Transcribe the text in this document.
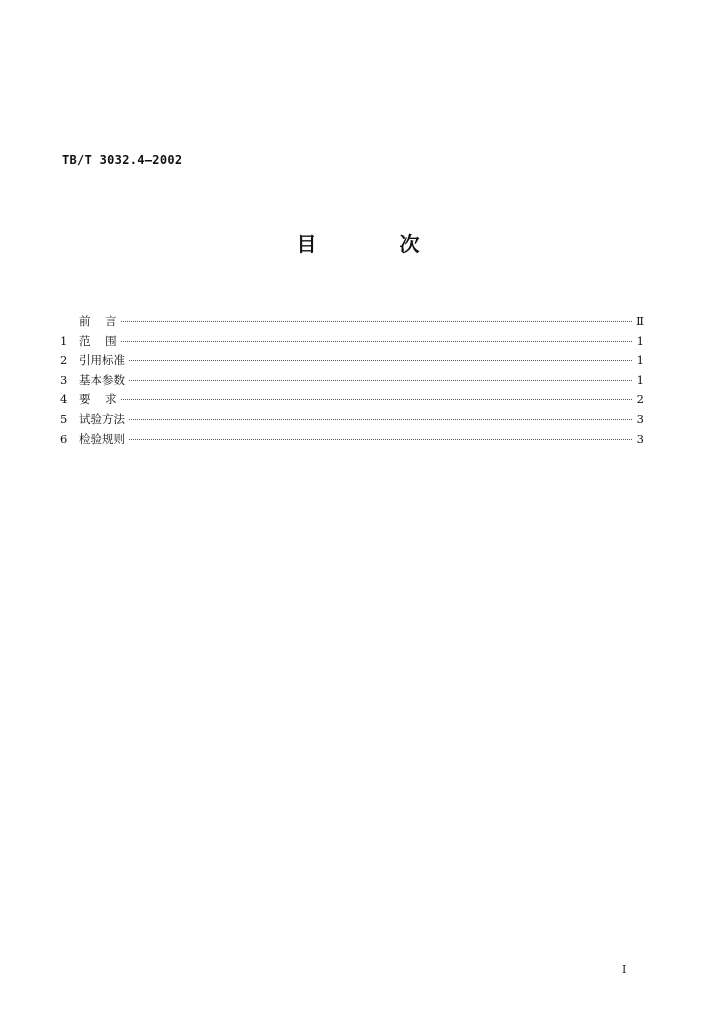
TB/T 3032.4—2002
目 次
前    言	Ⅱ
1	范    围	1
2	引用标准	1
3	基本参数	1
4	要    求	2
5	试验方法	3
6	检验规则	3
Ⅰ
